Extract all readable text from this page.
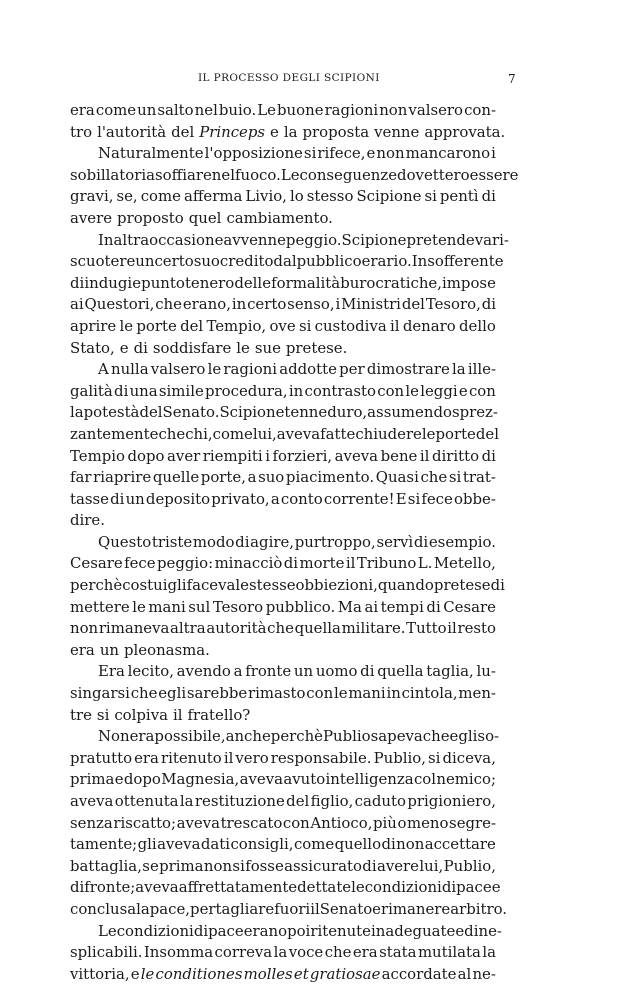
IL PROCESSO DEGLI SCIPIONI	7
era come un salto nel buio. Le buone ragioni non valsero con-
tro l'autorità del Princeps e la proposta venne approvata.
Naturalmente l'opposizione si rifece, e non mancarono i
sobillatori a soffiare nel fuoco. Le conseguenze dovettero essere
gravi, se, come afferma Livio, lo stesso Scipione si pentì di
avere proposto quel cambiamento.
In altra occasione avvenne peggio. Scipione pretendeva ri-
scuotere un certo suo credito dal pubblico erario. Insofferente
di indugi e punto tenero delle formalità burocratiche, impose
ai Questori, che erano, in certo senso, i Ministri del Tesoro, di
aprire le porte del Tempio, ove si custodiva il denaro dello
Stato, e di soddisfare le sue pretese.
A nulla valsero le ragioni addotte per dimostrare la ille-
galità di una simile procedura, in contrasto con le leggi e con
la potestà del Senato. Scipione tenne duro, assumendo sprez-
zantemente che chi, come lui, aveva fatte chiudere le porte del
Tempio dopo aver riempiti i forzieri, aveva bene il diritto di
far riaprire quelle porte, a suo piacimento. Quasi che si trat-
tasse di un deposito privato, a conto corrente! E si fece obbe-
dire.
Questo triste modo di agire, purtroppo, servì di esempio.
Cesare fece peggio: minacciò di morte il Tribuno L. Metello,
perchè costui gli faceva le stesse obbiezioni, quando pretese di
mettere le mani sul Tesoro pubblico. Ma ai tempi di Cesare
non rimaneva altra autorità che quella militare. Tutto il resto
era un pleonasma.
Era lecito, avendo a fronte un uomo di quella taglia, lu-
singarsi che egli sarebbe rimasto con le mani in cintola, men-
tre si colpiva il fratello?
Non era possibile, anche perchè Publio sapeva che egli so-
pratutto era ritenuto il vero responsabile. Publio, si diceva,
prima e dopo Magnesia, aveva avuto intelligenza col nemico;
aveva ottenuta la restituzione del figlio, caduto prigioniero,
senza riscatto; aveva trescato con Antioco, più o meno segre-
tamente; gli aveva dati consigli, come quello di non accettare
battaglia, se prima non si fosse assicurato di avere lui, Publio,
di fronte; aveva affrettatamente dettate le condizioni di pace e
conclusa la pace, per tagliare fuori il Senato e rimanere arbitro.
Le condizioni di pace erano poi ritenute inadeguate ed ine-
splicabili. Insomma correva la voce che era stata mutilata la
vittoria, e le conditiones molles et gratiosae accordate al ne-
